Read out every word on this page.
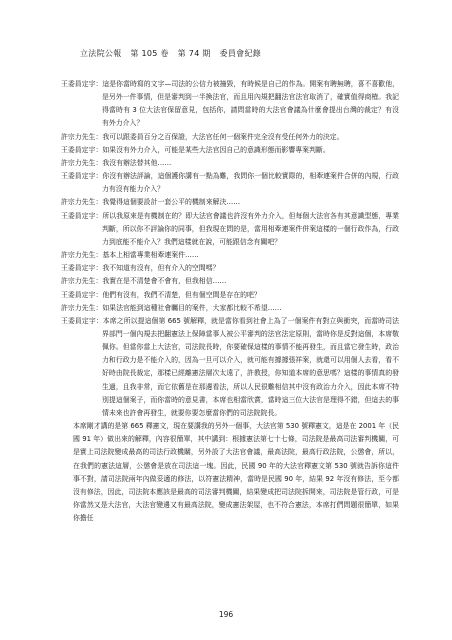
立法院公報 第 105 卷 第 74 期 委員會紀錄

王委員定宇：這是你當時寫的文字—司法的公信力被撞毀，有時候是自己的作為。開案有聘無聘，喜不喜歡他，是另外一件事情，但是審判到一半換法官，而且用內規把翻法官法官取消了，確實值得商榷。我記得當時有 3 位大法官保留意見，包括你，請問當時的大法官會議為什麼會提出台灣的裁定？有沒有外力介入？

許宗力先生：我可以跟委員百分之百保證，大法官任何一個案件完全沒有受任何外力的決定。

王委員定宇：如果沒有外力介入，可能是某些大法官因自己的意識形態而影響專案判斷。

許宗力先生：我沒有辦法替其他……

王委員定宇：你沒有辦法評論，這個護你講有一點為難，我問你一個比較實際的，相牽連案件合併的內規，行政力有沒有能力介入？

許宗力先生：我覺得這個要設計一套公平的機制來解決……

王委員定宇：所以我原來是有機制在的？即大法官會議也許沒有外力介入，但每個大法官各有其意識型態，專業判斷，所以你不評論你的同事，但我現在問的是，當用相牽連案件併案這樣的一個行政作為，行政力到底能不能介入？我們這樣就在說，可能跟信念有關吧？

許宗力先生：基本上相當專業相牽連案件……

王委員定宇：我不知道有沒有，但有介入的空間嗎？

許宗力先生：我實在是不清楚會不會有，但我相信……

王委員定宇：他們有沒有，我們不清楚，但有個空間是存在的吧？

許宗力先生：如果法官能到這種社會矚目的案件，大家都比較不希望……

王委員定宇：本席之所以提這個第 665 號解釋，就是當你看到社會上為了一個案件有對立與衝突，而當時司法界部門一個內規去把翻憲法上保障當事人被公平審判的法官法定原則，當時你是反對這個，本席敬佩你。但當你當上大法官，司法院長時，你要確保這樣的事情不能再發生，而且當它發生時，政治力和行政力是不能介入的，因為一旦可以介入，就可能有據據張祥案，就還可以用個人去看，看不好時由院長裁定，那樣已經離憲法層次太遠了，許教授，你知道本席的意思嗎？這樣的事情真的發生過，且我非常，而它依舊是在那邊看法，所以人民很難相信其中沒有政治力介入，因此本席不特別提這個案子，而你當時的意見書，本席也相當欣賞，當時這三位大法官是理得不錯，但這去的事情未來也許會再發生，就要你要怎麼當你們的司法院院長。

本席剛才講的是第 665 釋憲文，現在要講我的另外一個事，大法官第 530 號釋憲文，這是在 2001 年（民國 91 年）做出來的解釋，內容很簡單，其中講到：根據憲法第七十七條，司法院是最高司法審判機關，可是實上司法院變成最高的司法行政機關，另外設了大法官會議，最高法院，最高行政法院，公懲會，所以，在我們的憲法這層，公懲會是放在司法這一塊。因此，民國 90 年的大法官釋憲文第 530 號就告訴你這件事不對，請司法院兩年內做妥適的修法，以符憲法精神，當時是民國 90 年，結果 92 年沒有修法，至今都沒有修法，因此，司法院本應該是最高的司法審判機關，結果變成把司法院拆開來，司法院是管行政，可是你當然又是大法官，大法官變邊又有最高法院，變成憲法架屋，也不符合憲法，本席打們問題很簡單，如果你擔任

196
